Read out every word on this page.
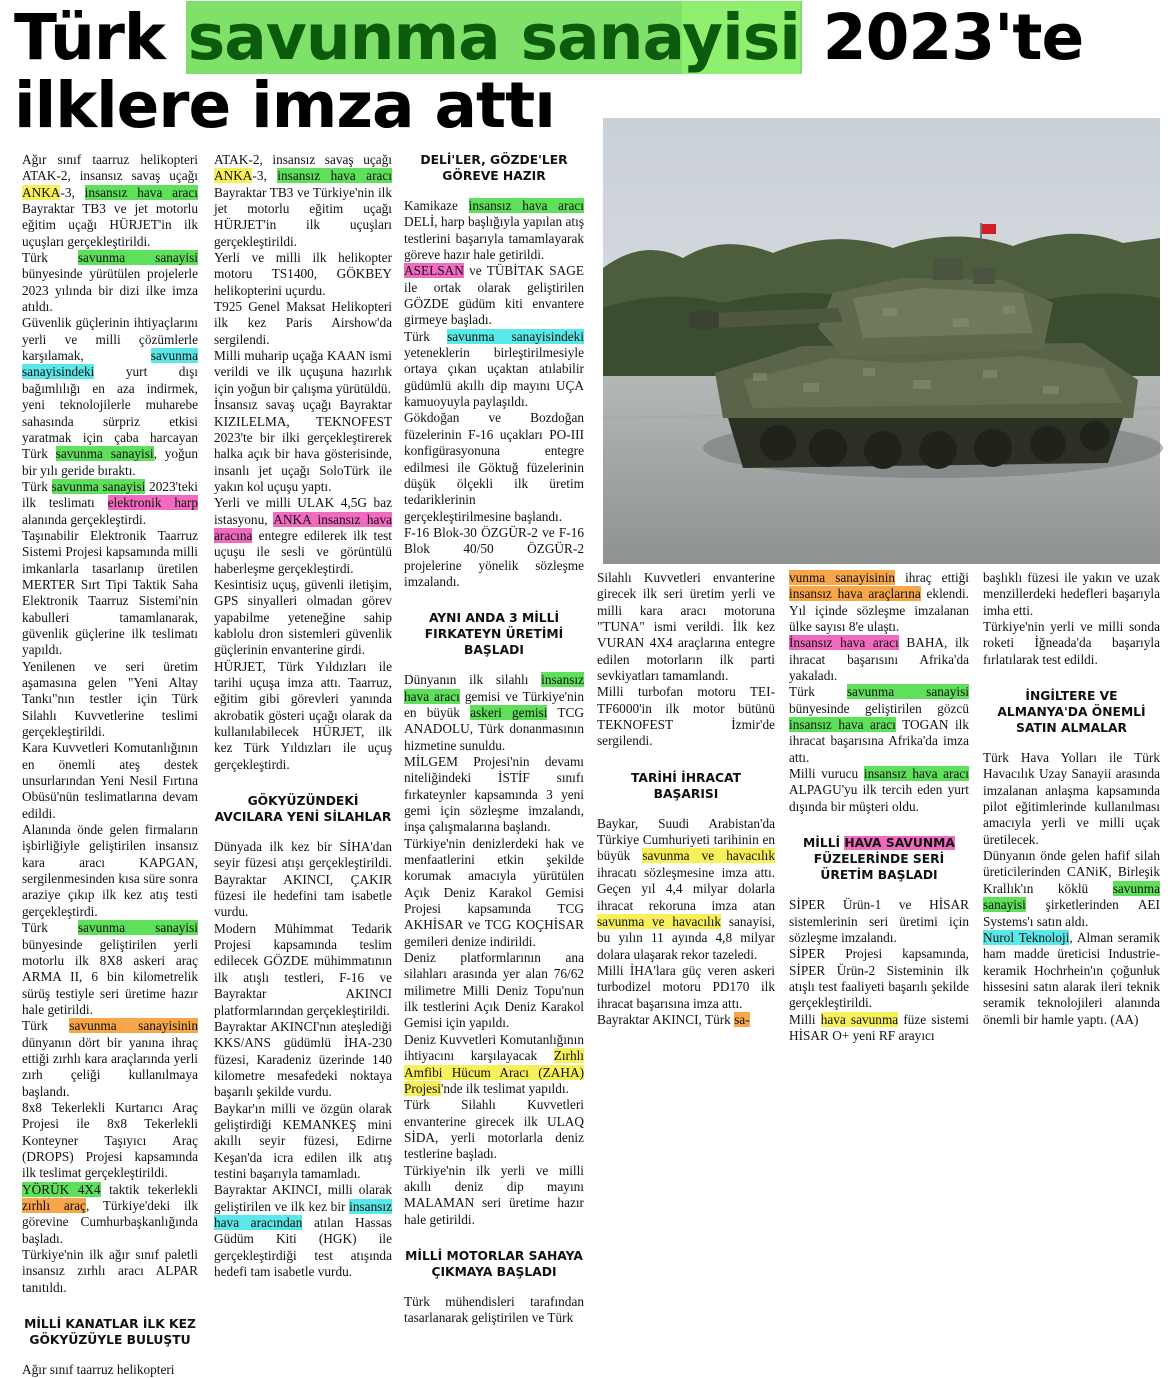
Türk savunma sanayisi 2023'te
ilklere imza attı

Ağır sınıf taarruz helikopteri ATAK-2, insansız savaş uçağı ANKA-3, insansız hava aracı Bayraktar TB3 ve jet motorlu eğitim uçağı HÜRJET'in ilk uçuşları gerçekleştirildi.

Türk savunma sanayisi bünyesinde yürütülen projelerle 2023 yılında bir dizi ilke imza atıldı.

Güvenlik güçlerinin ihtiyaçlarını yerli ve milli çözümlerle karşılamak, savunma sanayisindeki yurt dışı bağımlılığı en aza indirmek, yeni teknolojilerle muharebe sahasında sürpriz etkisi yaratmak için çaba harcayan Türk savunma sanayisi, yoğun bir yılı geride bıraktı.

Türk savunma sanayisi 2023'teki ilk teslimatı elektronik harp alanında gerçekleştirdi.

Taşınabilir Elektronik Taarruz Sistemi Projesi kapsamında milli imkanlarla tasarlanıp üretilen MERTER Sırt Tipi Taktik Saha Elektronik Taarruz Sistemi'nin kabulleri tamamlanarak, güvenlik güçlerine ilk teslimatı yapıldı.

Yenilenen ve seri üretim aşamasına gelen "Yeni Altay Tankı"nın testler için Türk Silahlı Kuvvetlerine teslimi gerçekleştirildi.

Kara Kuvvetleri Komutanlığının en önemli ateş destek unsurlarından Yeni Nesil Fırtına Obüsü'nün teslimatlarına devam edildi.

Alanında önde gelen firmaların işbirliğiyle geliştirilen insansız kara aracı KAPGAN, sergilenmesinden kısa süre sonra araziye çıkıp ilk kez atış testi gerçekleştirdi.

Türk savunma sanayisi bünyesinde geliştirilen yerli motorlu ilk 8X8 askeri araç ARMA II, 6 bin kilometrelik sürüş testiyle seri üretime hazır hale getirildi.

Türk savunma sanayisinin dünyanın dört bir yanına ihraç ettiği zırhlı kara araçlarında yerli zırh çeliği kullanılmaya başlandı.

8x8 Tekerlekli Kurtarıcı Araç Projesi ile 8x8 Tekerlekli Konteyner Taşıyıcı Araç (DROPS) Projesi kapsamında ilk teslimat gerçekleştirildi.

YÖRÜK 4X4 taktik tekerlekli zırhlı araç, Türkiye'deki ilk görevine Cumhurbaşkanlığında başladı.

Türkiye'nin ilk ağır sınıf paletli insansız zırhlı aracı ALPAR tanıtıldı.

MİLLİ KANATLAR İLK KEZ GÖKYÜZÜYLE BULUŞTU

Ağır sınıf taarruz helikopteri

ATAK-2, insansız savaş uçağı ANKA-3, insansız hava aracı Bayraktar TB3 ve Türkiye'nin ilk jet motorlu eğitim uçağı HÜRJET'in ilk uçuşları gerçekleştirildi.

Yerli ve milli ilk helikopter motoru TS1400, GÖKBEY helikopterini uçurdu.

T925 Genel Maksat Helikopteri ilk kez Paris Airshow'da sergilendi.

Milli muharip uçağa KAAN ismi verildi ve ilk uçuşuna hazırlık için yoğun bir çalışma yürütüldü.

İnsansız savaş uçağı Bayraktar KIZILELMA, TEKNOFEST 2023'te bir ilki gerçekleştirerek halka açık bir hava gösterisinde, insanlı jet uçağı SoloTürk ile yakın kol uçuşu yaptı.

Yerli ve milli ULAK 4,5G baz istasyonu, ANKA insansız hava aracına entegre edilerek ilk test uçuşu ile sesli ve görüntülü haberleşme gerçekleştirdi.

Kesintisiz uçuş, güvenli iletişim, GPS sinyalleri olmadan görev yapabilme yeteneğine sahip kablolu dron sistemleri güvenlik güçlerinin envanterine girdi.

HÜRJET, Türk Yıldızları ile tarihi uçuşa imza attı. Taarruz, eğitim gibi görevleri yanında akrobatik gösteri uçağı olarak da kullanılabilecek HÜRJET, ilk kez Türk Yıldızları ile uçuş gerçekleştirdi.

GÖKYÜZÜNDEKİ AVCILARA YENİ SİLAHLAR

Dünyada ilk kez bir SİHA'dan seyir füzesi atışı gerçekleştirildi. Bayraktar AKINCI, ÇAKIR füzesi ile hedefini tam isabetle vurdu.

Modern Mühimmat Tedarik Projesi kapsamında teslim edilecek GÖZDE mühimmatının ilk atışlı testleri, F-16 ve Bayraktar AKINCI platformlarından gerçekleştirildi.

Bayraktar AKINCI'nın ateşlediği KKS/ANS güdümlü İHA-230 füzesi, Karadeniz üzerinde 140 kilometre mesafedeki noktaya başarılı şekilde vurdu.

Baykar'ın milli ve özgün olarak geliştirdiği KEMANKEŞ mini akıllı seyir füzesi, Edirne Keşan'da icra edilen ilk atış testini başarıyla tamamladı.

Bayraktar AKINCI, milli olarak geliştirilen ve ilk kez bir insansız hava aracından atılan Hassas Güdüm Kiti (HGK) ile gerçekleştirdiği test atışında hedefi tam isabetle vurdu.

DELİ'LER, GÖZDE'LER GÖREVE HAZIR

Kamikaze insansız hava aracı DELİ, harp başlığıyla yapılan atış testlerini başarıyla tamamlayarak göreve hazır hale getirildi.

ASELSAN ve TÜBİTAK SAGE ile ortak olarak geliştirilen GÖZDE güdüm kiti envantere girmeye başladı.

Türk savunma sanayisindeki yeteneklerin birleştirilmesiyle ortaya çıkan uçaktan atılabilir güdümlü akıllı dip mayını UÇA kamuoyuyla paylaşıldı.

Gökdoğan ve Bozdoğan füzelerinin F-16 uçakları PO-III konfigürasyonuna entegre edilmesi ile Göktuğ füzelerinin düşük ölçekli ilk üretim tedariklerinin gerçekleştirilmesine başlandı.

F-16 Blok-30 ÖZGÜR-2 ve F-16 Blok 40/50 ÖZGÜR-2 projelerine yönelik sözleşme imzalandı.

AYNI ANDA 3 MİLLİ FIRKATEYN ÜRETİMİ BAŞLADI

Dünyanın ilk silahlı insansız hava aracı gemisi ve Türkiye'nin en büyük askeri gemisi TCG ANADOLU, Türk donanmasının hizmetine sunuldu.

MİLGEM Projesi'nin devamı niteliğindeki İSTİF sınıfı fırkateynler kapsamında 3 yeni gemi için sözleşme imzalandı, inşa çalışmalarına başlandı.

Türkiye'nin denizlerdeki hak ve menfaatlerini etkin şekilde korumak amacıyla yürütülen Açık Deniz Karakol Gemisi Projesi kapsamında TCG AKHİSAR ve TCG KOÇHİSAR gemileri denize indirildi.

Deniz platformlarının ana silahları arasında yer alan 76/62 milimetre Milli Deniz Topu'nun ilk testlerini Açık Deniz Karakol Gemisi için yapıldı.

Deniz Kuvvetleri Komutanlığının ihtiyacını karşılayacak Zırhlı Amfibi Hücum Aracı (ZAHA) Projesi'nde ilk teslimat yapıldı.

Türk Silahlı Kuvvetleri envanterine girecek ilk ULAQ SİDA, yerli motorlarla deniz testlerine başladı.

Türkiye'nin ilk yerli ve milli akıllı deniz dip mayını MALAMAN seri üretime hazır hale getirildi.

MİLLİ MOTORLAR SAHAYA ÇIKMAYA BAŞLADI

Türk mühendisleri tarafından tasarlanarak geliştirilen ve Türk

Silahlı Kuvvetleri envanterine girecek ilk seri üretim yerli ve milli kara aracı motoruna "TUNA" ismi verildi. İlk kez VURAN 4X4 araçlarına entegre edilen motorların ilk parti sevkiyatları tamamlandı.

Milli turbofan motoru TEI-TF6000'in ilk motor bütünü TEKNOFEST İzmir'de sergilendi.

TARİHİ İHRACAT BAŞARISI

Baykar, Suudi Arabistan'da Türkiye Cumhuriyeti tarihinin en büyük savunma ve havacılık ihracatı sözleşmesine imza attı. Geçen yıl 4,4 milyar dolarla ihracat rekoruna imza atan savunma ve havacılık sanayisi, bu yılın 11 ayında 4,8 milyar dolara ulaşarak rekor tazeledi.

Milli İHA'lara güç veren askeri turbodizel motoru PD170 ilk ihracat başarısına imza attı.

Bayraktar AKINCI, Türk sa-

vunma sanayisinin ihraç ettiği insansız hava araçlarına eklendi. Yıl içinde sözleşme imzalanan ülke sayısı 8'e ulaştı.

İnsansız hava aracı BAHA, ilk ihracat başarısını Afrika'da yakaladı.

Türk savunma sanayisi bünyesinde geliştirilen gözcü insansız hava aracı TOGAN ilk ihracat başarısına Afrika'da imza attı.

Milli vurucu insansız hava aracı ALPAGU'yu ilk tercih eden yurt dışında bir müşteri oldu.

MİLLİ HAVA SAVUNMA FÜZELERİNDE SERİ ÜRETİM BAŞLADI

SİPER Ürün-1 ve HİSAR sistemlerinin seri üretimi için sözleşme imzalandı.

SİPER Projesi kapsamında, SİPER Ürün-2 Sisteminin ilk atışlı test faaliyeti başarılı şekilde gerçekleştirildi.

Milli hava savunma füze sistemi HİSAR O+ yeni RF arayıcı

başlıklı füzesi ile yakın ve uzak menzillerdeki hedefleri başarıyla imha etti.

Türkiye'nin yerli ve milli sonda roketi İğneada'da başarıyla fırlatılarak test edildi.

İNGİLTERE VE ALMANYA'DA ÖNEMLİ SATIN ALMALAR

Türk Hava Yolları ile Türk Havacılık Uzay Sanayii arasında imzalanan anlaşma kapsamında pilot eğitimlerinde kullanılması amacıyla yerli ve milli uçak üretilecek.

Dünyanın önde gelen hafif silah üreticilerinden CANiK, Birleşik Krallık'ın köklü savunma sanayisi şirketlerinden AEI Systems'ı satın aldı.

Nurol Teknoloji, Alman seramik ham madde üreticisi Industrie-keramik Hochrhein'ın çoğunluk hissesini satın alarak ileri teknik seramik teknolojileri alanında önemli bir hamle yaptı. (AA)
